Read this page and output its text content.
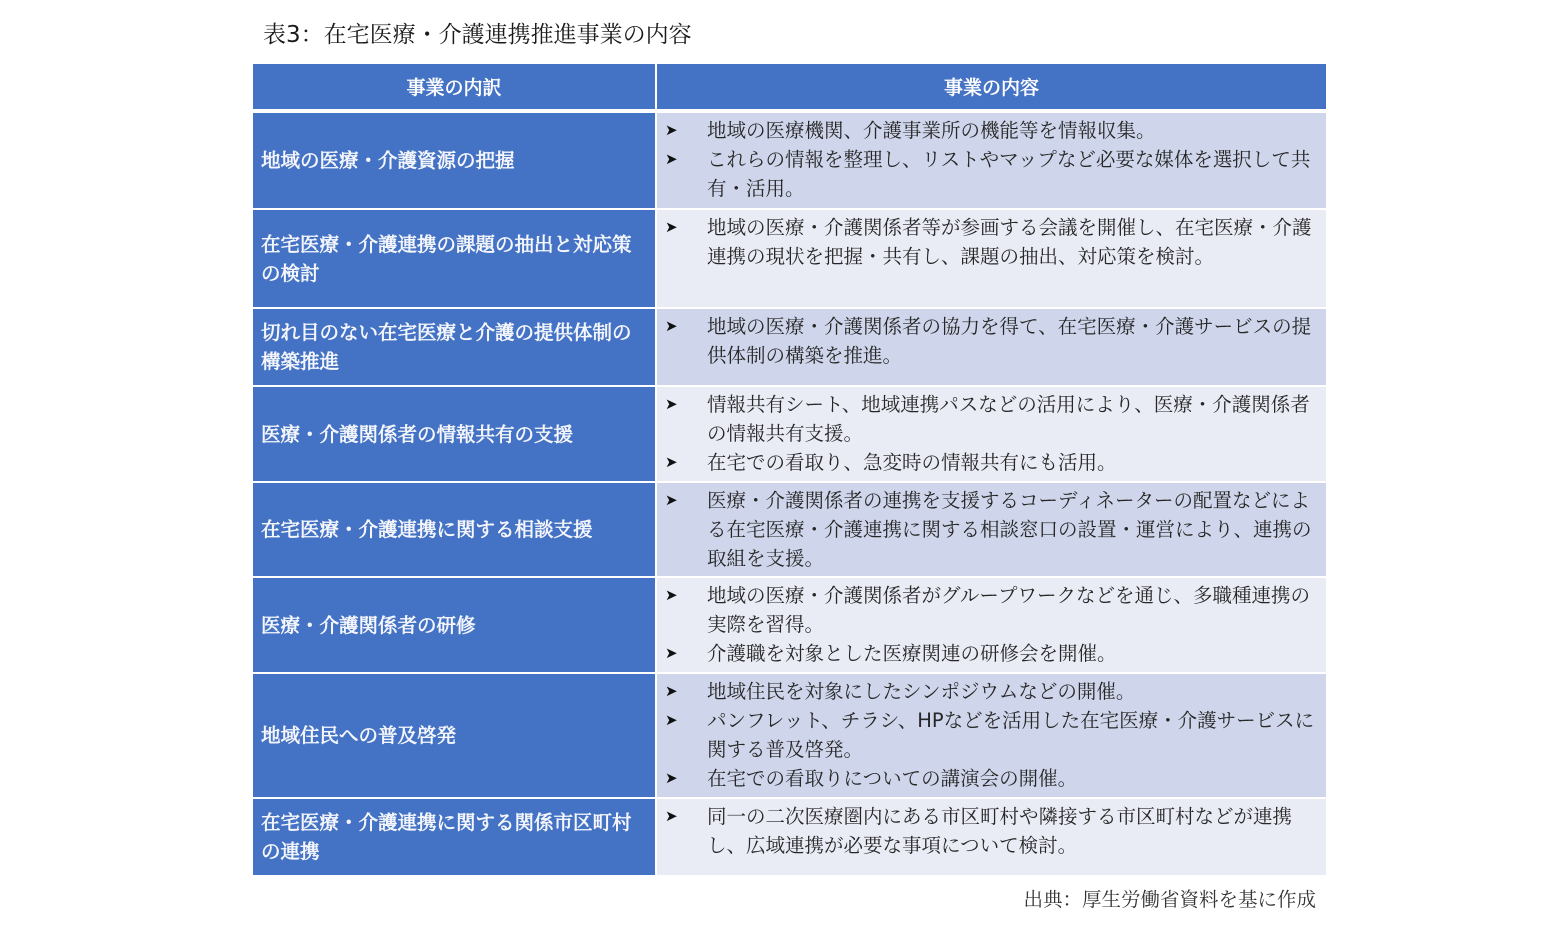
表3：在宅医療・介護連携推進事業の内容
事業の内訳	事業の内容
地域の医療・介護資源の把握
➤	地域の医療機関、介護事業所の機能等を情報収集。
➤	これらの情報を整理し、リストやマップなど必要な媒体を選択して共有・活用。
在宅医療・介護連携の課題の抽出と対応策の検討
➤	地域の医療・介護関係者等が参画する会議を開催し、在宅医療・介護連携の現状を把握・共有し、課題の抽出、対応策を検討。
切れ目のない在宅医療と介護の提供体制の構築推進
➤	地域の医療・介護関係者の協力を得て、在宅医療・介護サービスの提供体制の構築を推進。
医療・介護関係者の情報共有の支援
➤	情報共有シート、地域連携パスなどの活用により、医療・介護関係者の情報共有支援。
➤	在宅での看取り、急変時の情報共有にも活用。
在宅医療・介護連携に関する相談支援
➤	医療・介護関係者の連携を支援するコーディネーターの配置などによる在宅医療・介護連携に関する相談窓口の設置・運営により、連携の取組を支援。
医療・介護関係者の研修
➤	地域の医療・介護関係者がグループワークなどを通じ、多職種連携の実際を習得。
➤	介護職を対象とした医療関連の研修会を開催。
地域住民への普及啓発
➤	地域住民を対象にしたシンポジウムなどの開催。
➤	パンフレット、チラシ、HPなどを活用した在宅医療・介護サービスに関する普及啓発。
➤	在宅での看取りについての講演会の開催。
在宅医療・介護連携に関する関係市区町村の連携
➤	同一の二次医療圏内にある市区町村や隣接する市区町村などが連携し、広域連携が必要な事項について検討。
出典：厚生労働省資料を基に作成
